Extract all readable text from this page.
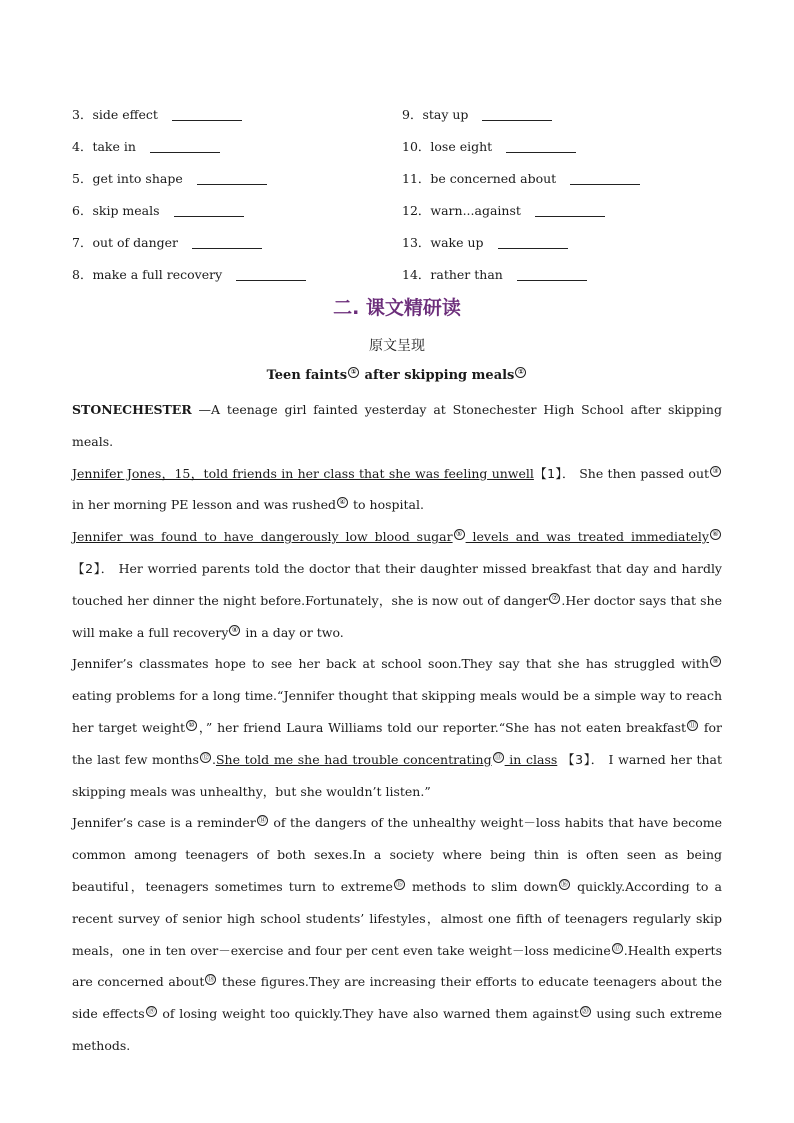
3．side effect	9．stay up
4．take in	10．lose eight
5．get into shape	11．be concerned about
6．skip meals	12．warn...against
7．out of danger	13．wake up
8．make a full recovery	14．rather than
二. 课文精研读
原文呈现
Teen faints ① after skipping meals ①

STONECHESTER —A teenage girl fainted yesterday at Stonechester High School after skipping meals.

Jennifer Jones，15，told friends in her class that she was feeling unwell【1】． She then passed out ③ in her morning PE lesson and was rushed ④ to hospital.

Jennifer was found to have dangerously low blood sugar ⑤ levels and was treated immediately ⑥【2】． Her worried parents told the doctor that their daughter missed breakfast that day and hardly touched her dinner the night before.Fortunately，she is now out of danger ⑦ .Her doctor says that she will make a full recovery ⑧ in a day or two.

Jennifer’s classmates hope to see her back at school soon.They say that she has struggled with ⑨ eating problems for a long time.“Jennifer thought that skipping meals would be a simple way to reach her target weight ⑩ ，” her friend Laura Williams told our reporter.“She has not eaten breakfast ⑪ for the last few months ⑫ .She told me she had trouble concentrating ⑬ in class 【3】． I warned her that skipping meals was unhealthy，but she wouldn’t listen.”

Jennifer’s case is a reminder ⑭ of the dangers of the unhealthy weight－loss habits that have become common among teenagers of both sexes.In a society where being thin is often seen as being beautiful，teenagers sometimes turn to extreme ⑮ methods to slim down ⑯ quickly.According to a recent survey of senior high school students’ lifestyles，almost one fifth of teenagers regularly skip meals，one in ten over－exercise and four per cent even take weight－loss medicine ⑰ .Health experts are concerned about ⑱ these figures.They are increasing their efforts to educate teenagers about the side effects ⑲ of losing weight too quickly.They have also warned them against ⑳ using such extreme methods.
